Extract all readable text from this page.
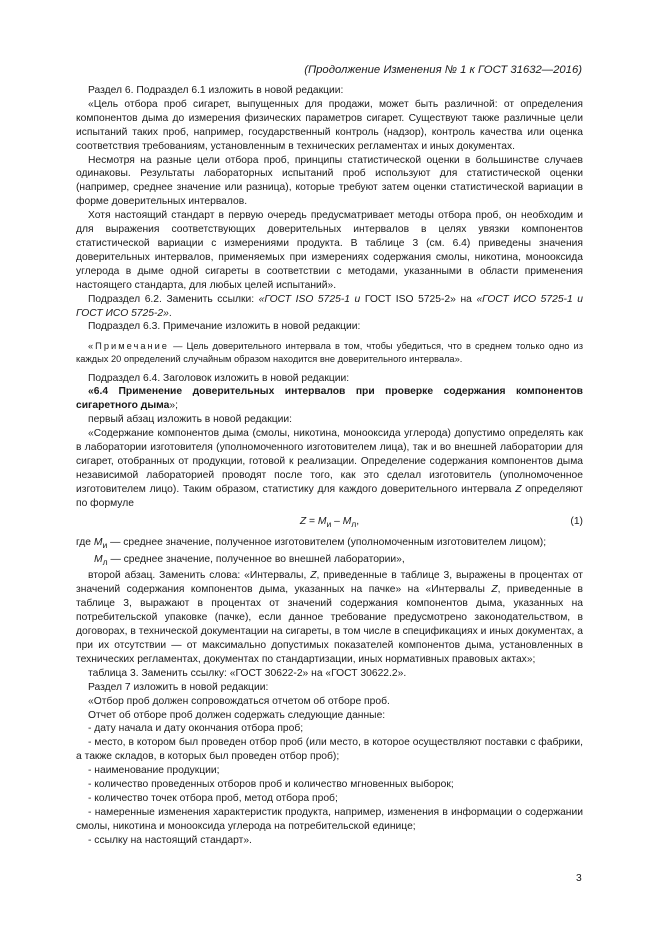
(Продолжение Изменения № 1 к ГОСТ 31632—2016)

Раздел 6. Подраздел 6.1 изложить в новой редакции:

«Цель отбора проб сигарет, выпущенных для продажи, может быть различной: от определения компонентов дыма до измерения физических параметров сигарет. Существуют также различные цели испытаний таких проб, например, государственный контроль (надзор), контроль качества или оценка соответствия требованиям, установленным в технических регламентах и иных документах.

Несмотря на разные цели отбора проб, принципы статистической оценки в большинстве случаев одинаковы. Результаты лабораторных испытаний проб используют для статистической оценки (например, среднее значение или разница), которые требуют затем оценки статистической вариации в форме доверительных интервалов.

Хотя настоящий стандарт в первую очередь предусматривает методы отбора проб, он необходим и для выражения соответствующих доверительных интервалов в целях увязки компонентов статистической вариации с измерениями продукта. В таблице 3 (см. 6.4) приведены значения доверительных интервалов, применяемых при измерениях содержания смолы, никотина, монооксида углерода в дыме одной сигареты в соответствии с методами, указанными в области применения настоящего стандарта, для любых целей испытаний».

Подраздел 6.2. Заменить ссылки: «ГОСТ ISO 5725-1 и ГОСТ ISO 5725-2» на «ГОСТ ИСО 5725-1 и ГОСТ ИСО 5725-2».

Подраздел 6.3. Примечание изложить в новой редакции:

«Примечание — Цель доверительного интервала в том, чтобы убедиться, что в среднем только одно из каждых 20 определений случайным образом находится вне доверительного интервала».

Подраздел 6.4. Заголовок изложить в новой редакции:

«6.4 Применение доверительных интервалов при проверке содержания компонентов сигаретного дыма»;

первый абзац изложить в новой редакции:

«Содержание компонентов дыма (смолы, никотина, монооксида углерода) допустимо определять как в лаборатории изготовителя (уполномоченного изготовителем лица), так и во внешней лаборатории для сигарет, отобранных от продукции, готовой к реализации. Определение содержания компонентов дыма независимой лабораторией проводят после того, как это сделал изготовитель (уполномоченное изготовителем лицо). Таким образом, статистику для каждого доверительного интервала Z определяют по формуле

$Z = M_и - M_л$,	(1)

где $M_и$ — среднее значение, полученное изготовителем (уполномоченным изготовителем лицом);

$M_л$ — среднее значение, полученное во внешней лаборатории»,

второй абзац. Заменить слова: «Интервалы, Z, приведенные в таблице 3, выражены в процентах от значений содержания компонентов дыма, указанных на пачке» на «Интервалы Z, приведенные в таблице 3, выражают в процентах от значений содержания компонентов дыма, указанных на потребительской упаковке (пачке), если данное требование предусмотрено законодательством, в договорах, в технической документации на сигареты, в том числе в спецификациях и иных документах, а при их отсутствии — от максимально допустимых показателей компонентов дыма, установленных в технических регламентах, документах по стандартизации, иных нормативных правовых актах»;

таблица 3. Заменить ссылку: «ГОСТ 30622-2» на «ГОСТ 30622.2».

Раздел 7 изложить в новой редакции:

«Отбор проб должен сопровождаться отчетом об отборе проб.

Отчет об отборе проб должен содержать следующие данные:

- дату начала и дату окончания отбора проб;

- место, в котором был проведен отбор проб (или место, в которое осуществляют поставки с фабрики, а также складов, в которых был проведен отбор проб);

- наименование продукции;

- количество проведенных отборов проб и количество мгновенных выборок;

- количество точек отбора проб, метод отбора проб;

- намеренные изменения характеристик продукта, например, изменения в информации о содержании смолы, никотина и монооксида углерода на потребительской единице;

- ссылку на настоящий стандарт».

3
